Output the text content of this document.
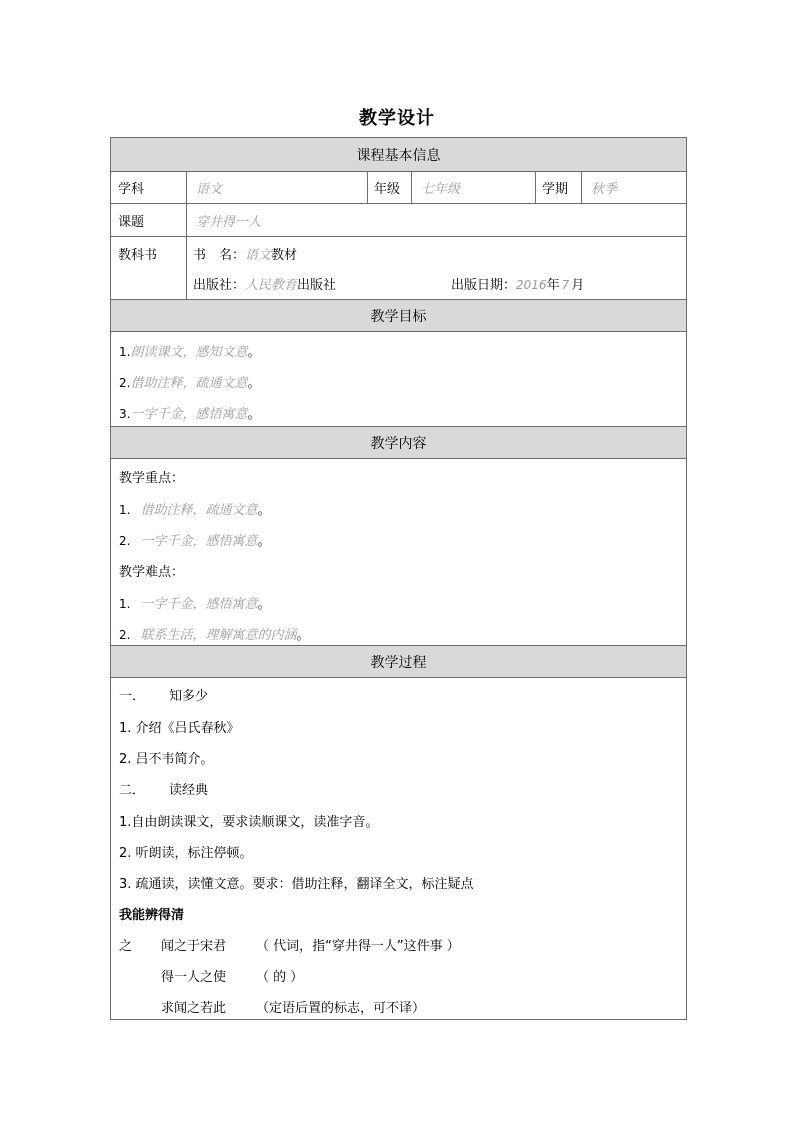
教学设计
课程基本信息
学科	语文	年级 七年级	学期 秋季
课题	穿井得一人
教科书	书　名：语文教材
出版社：人民教育出版社	出版日期：2016年 7 月
教学目标
1.朗读课文，感知文意。
2.借助注释，疏通文意。
3.一字千金，感悟寓意。
教学内容
教学重点：
1. 借助注释，疏通文意。
2. 一字千金，感悟寓意。
教学难点：
1. 一字千金，感悟寓意。
2. 联系生活，理解寓意的内涵。
教学过程
一． 知多少
1. 介绍《吕氏春秋》
2. 吕不韦简介。
二． 读经典
1.自由朗读课文，要求读顺课文，读准字音。
2. 听朗读，标注停顿。
3. 疏通读，读懂文意。要求：借助注释，翻译全文，标注疑点
我能辨得清
之 闻之于宋君 （ 代词，指“穿井得一人”这件事 ）
得一人之使 （ 的 ）
求闻之若此 （定语后置的标志，可不译）
